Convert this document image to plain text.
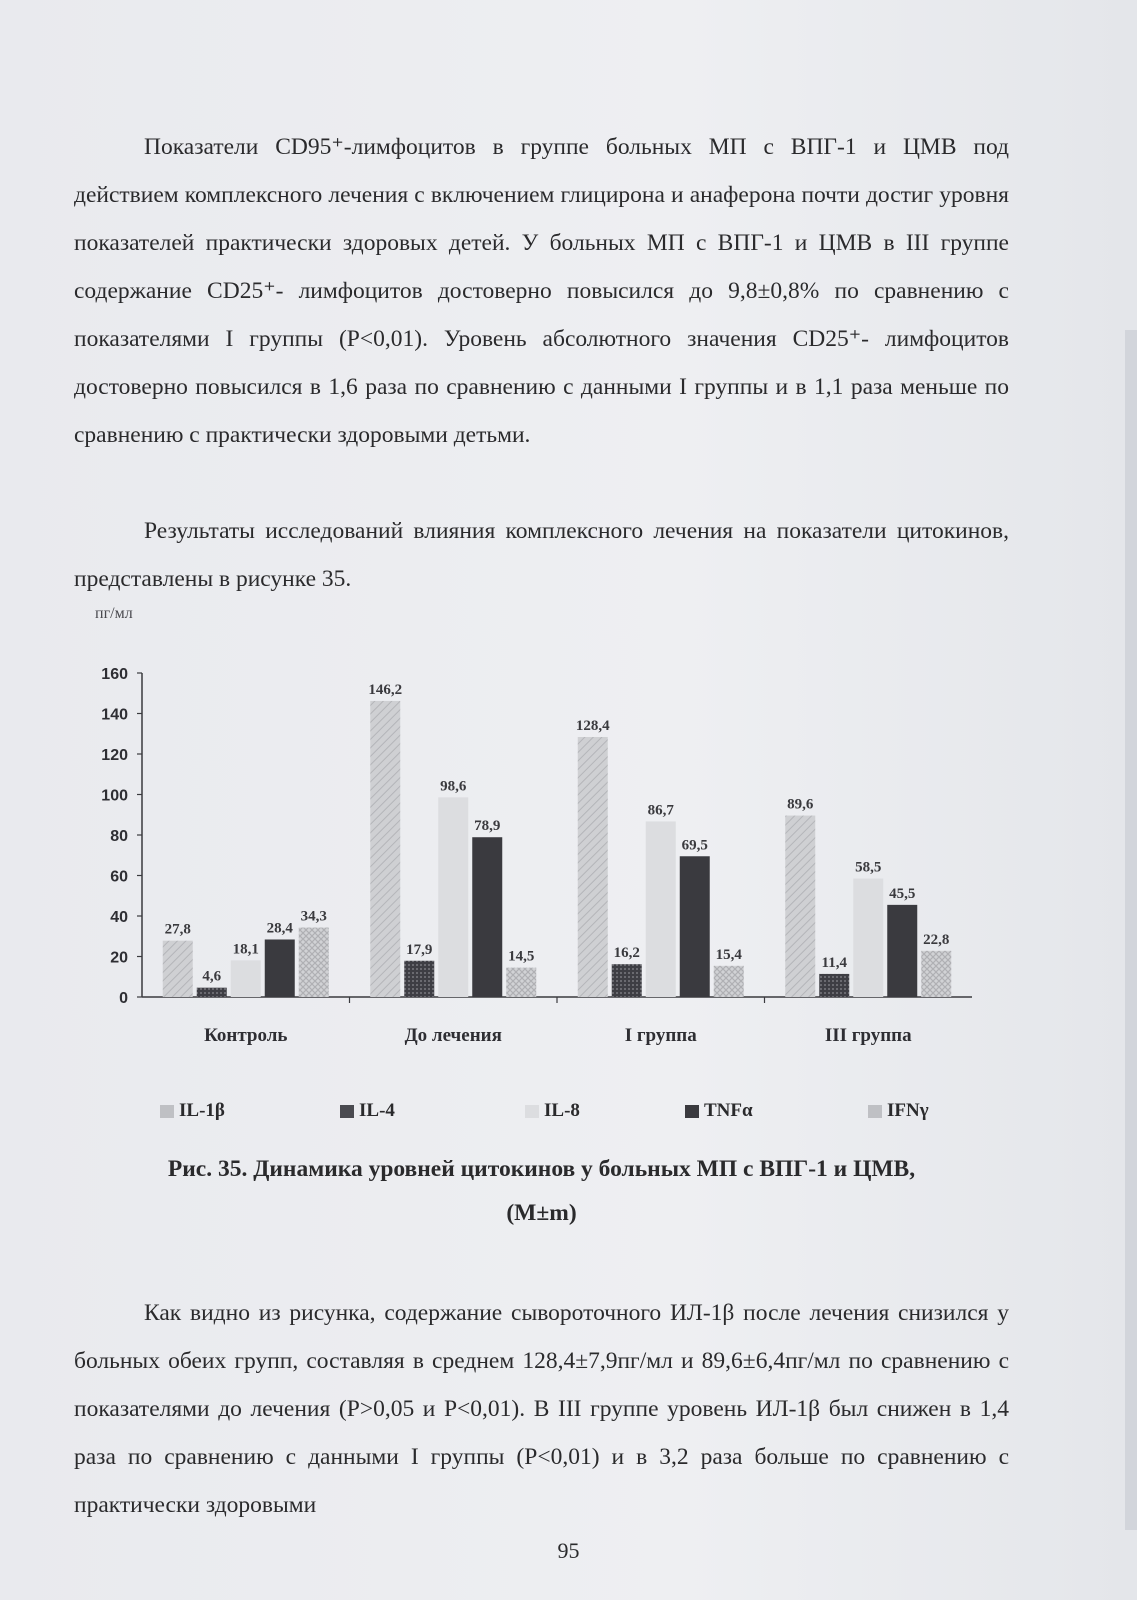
Показатели CD95⁺-лимфоцитов в группе больных МП с ВПГ-1 и ЦМВ под действием комплексного лечения с включением глицирона и анаферона почти достиг уровня показателей практически здоровых детей. У больных МП с ВПГ-1 и ЦМВ в III группе содержание CD25⁺- лимфоцитов достоверно повысился до 9,8±0,8% по сравнению с показателями I группы (Р<0,01). Уровень абсолютного значения CD25⁺- лимфоцитов достоверно повысился в 1,6 раза по сравнению с данными I группы и в 1,1 раза меньше по сравнению с практически здоровыми детьми.

Результаты исследований влияния комплексного лечения на показатели цитокинов, представлены в рисунке 35.

пг/мл
0
20
40
60
80
100
120
140
160
Контроль
27,8
4,6
18,1
28,4
34,3
До лечения
146,2
17,9
98,6
78,9
14,5
I группа
128,4
16,2
86,7
69,5
15,4
III группа
89,6
11,4
58,5
45,5
22,8
IL-1β	IL-4	IL-8	TNFα	IFNγ

Рис. 35. Динамика уровней цитокинов у больных МП с ВПГ-1 и ЦМВ,

(M±m)

Как видно из рисунка, содержание сывороточного ИЛ-1β после лечения снизился у больных обеих групп, составляя в среднем 128,4±7,9пг/мл и 89,6±6,4пг/мл по сравнению с показателями до лечения (Р>0,05 и Р<0,01). В III группе уровень ИЛ-1β был снижен в 1,4 раза по сравнению с данными I группы (Р<0,01) и в 3,2 раза больше по сравнению с практически здоровыми

95
